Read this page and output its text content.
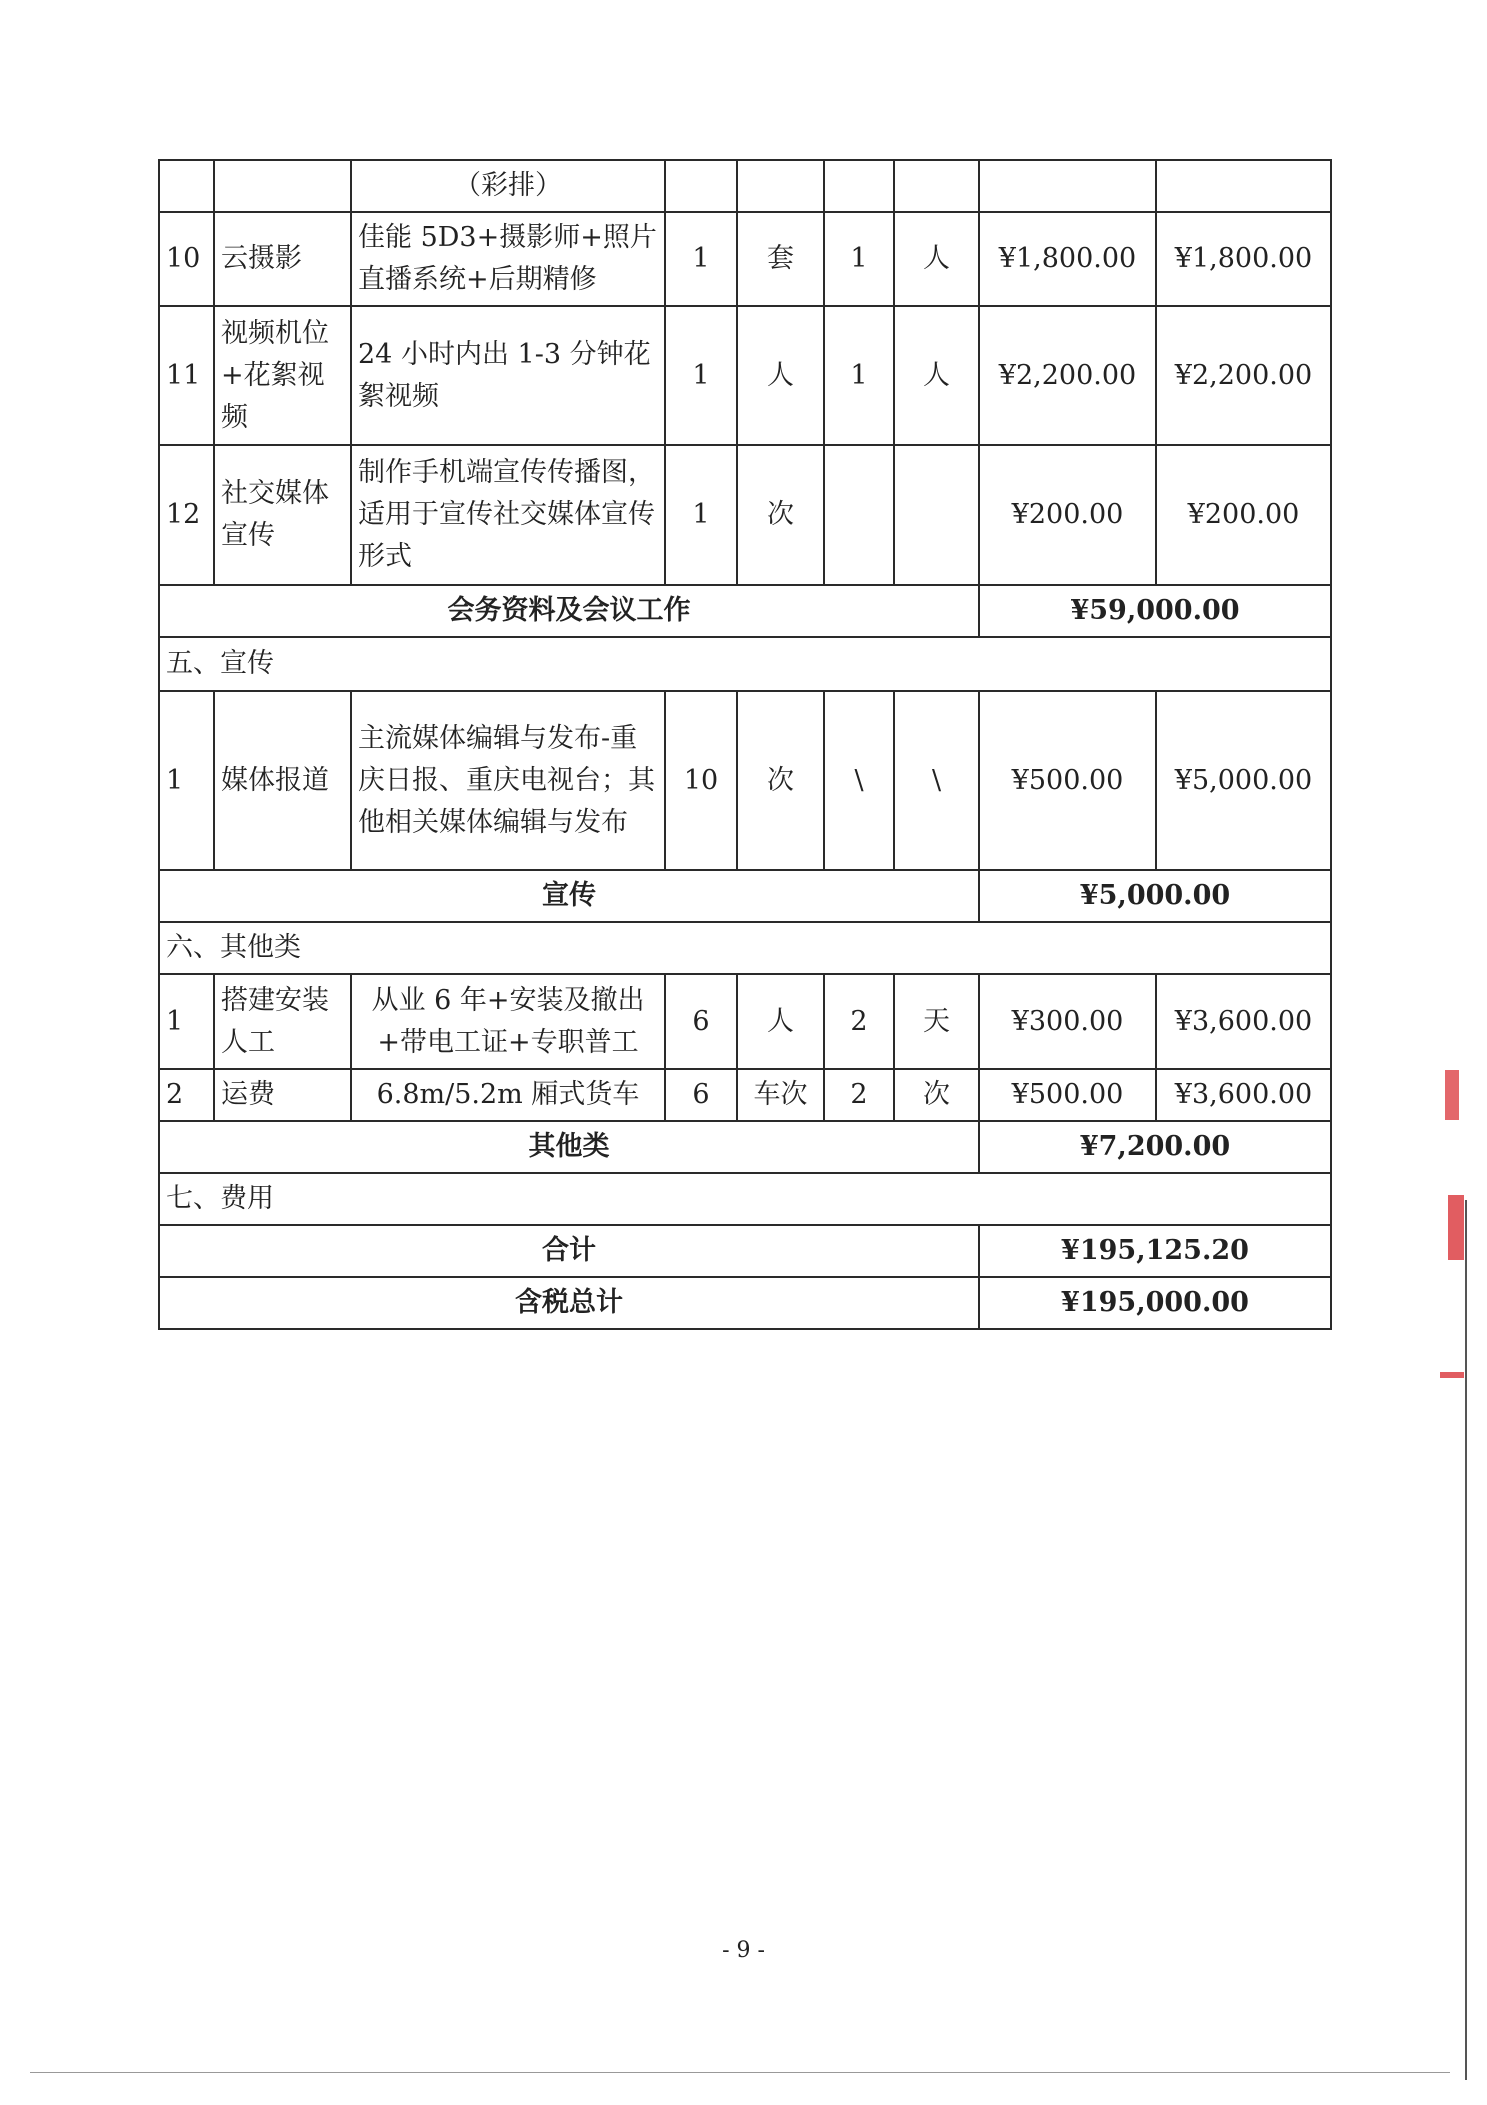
		（彩排）						
10	云摄影	佳能 5D3+摄影师+照片直播系统+后期精修	1	套	1	人	¥1,800.00	¥1,800.00
11	视频机位+花絮视频	24 小时内出 1-3 分钟花絮视频	1	人	1	人	¥2,200.00	¥2,200.00
12	社交媒体宣传	制作手机端宣传传播图，适用于宣传社交媒体宣传形式	1	次			¥200.00	¥200.00
会务资料及会议工作							¥59,000.00	
五、宣传								
1	媒体报道	主流媒体编辑与发布-重庆日报、重庆电视台；其他相关媒体编辑与发布	10	次	\	\	¥500.00	¥5,000.00
宣传							¥5,000.00	
六、其他类								
1	搭建安装人工	从业 6 年+安装及撤出+带电工证+专职普工	6	人	2	天	¥300.00	¥3,600.00
2	运费	6.8m/5.2m 厢式货车	6	车次	2	次	¥500.00	¥3,600.00
其他类							¥7,200.00	
七、费用								
合计							¥195,125.20	
含税总计							¥195,000.00	
- 9 -
